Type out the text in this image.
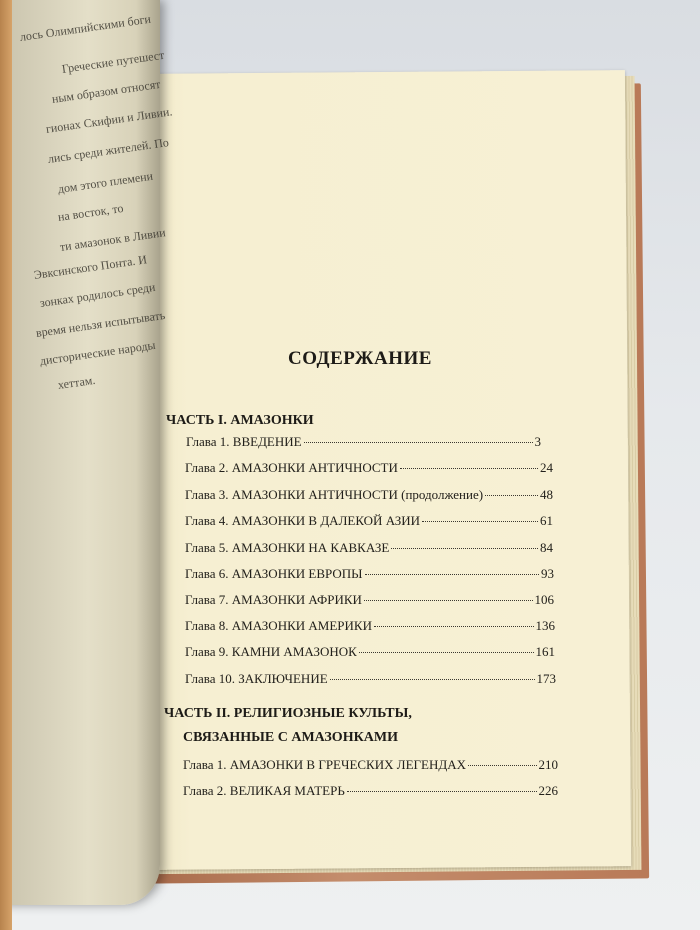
лось Олимпийскими боги
Греческие путешест
ным образом относят
гионах Скифии и Ливии.
лись среди жителей. По
дом этого племени
на восток, то
ти амазонок в Ливии
Эвксинского Понта. И
зонках родилось среди
время нельзя испытывать
дисторические народы
хеттам.
СОДЕРЖАНИЕ
ЧАСТЬ I. АМАЗОНКИ
Глава 1. ВВЕДЕНИЕ	3
Глава 2. АМАЗОНКИ АНТИЧНОСТИ	24
Глава 3. АМАЗОНКИ АНТИЧНОСТИ (продолжение)	48
Глава 4. АМАЗОНКИ В ДАЛЕКОЙ АЗИИ	61
Глава 5. АМАЗОНКИ НА КАВКАЗЕ	84
Глава 6. АМАЗОНКИ ЕВРОПЫ	93
Глава 7. АМАЗОНКИ АФРИКИ	106
Глава 8. АМАЗОНКИ АМЕРИКИ	136
Глава 9. КАМНИ АМАЗОНОК	161
Глава 10. ЗАКЛЮЧЕНИЕ	173
ЧАСТЬ II. РЕЛИГИОЗНЫЕ КУЛЬТЫ,
СВЯЗАННЫЕ С АМАЗОНКАМИ
Глава 1. АМАЗОНКИ В ГРЕЧЕСКИХ ЛЕГЕНДАХ	210
Глава 2. ВЕЛИКАЯ МАТЕРЬ	226
